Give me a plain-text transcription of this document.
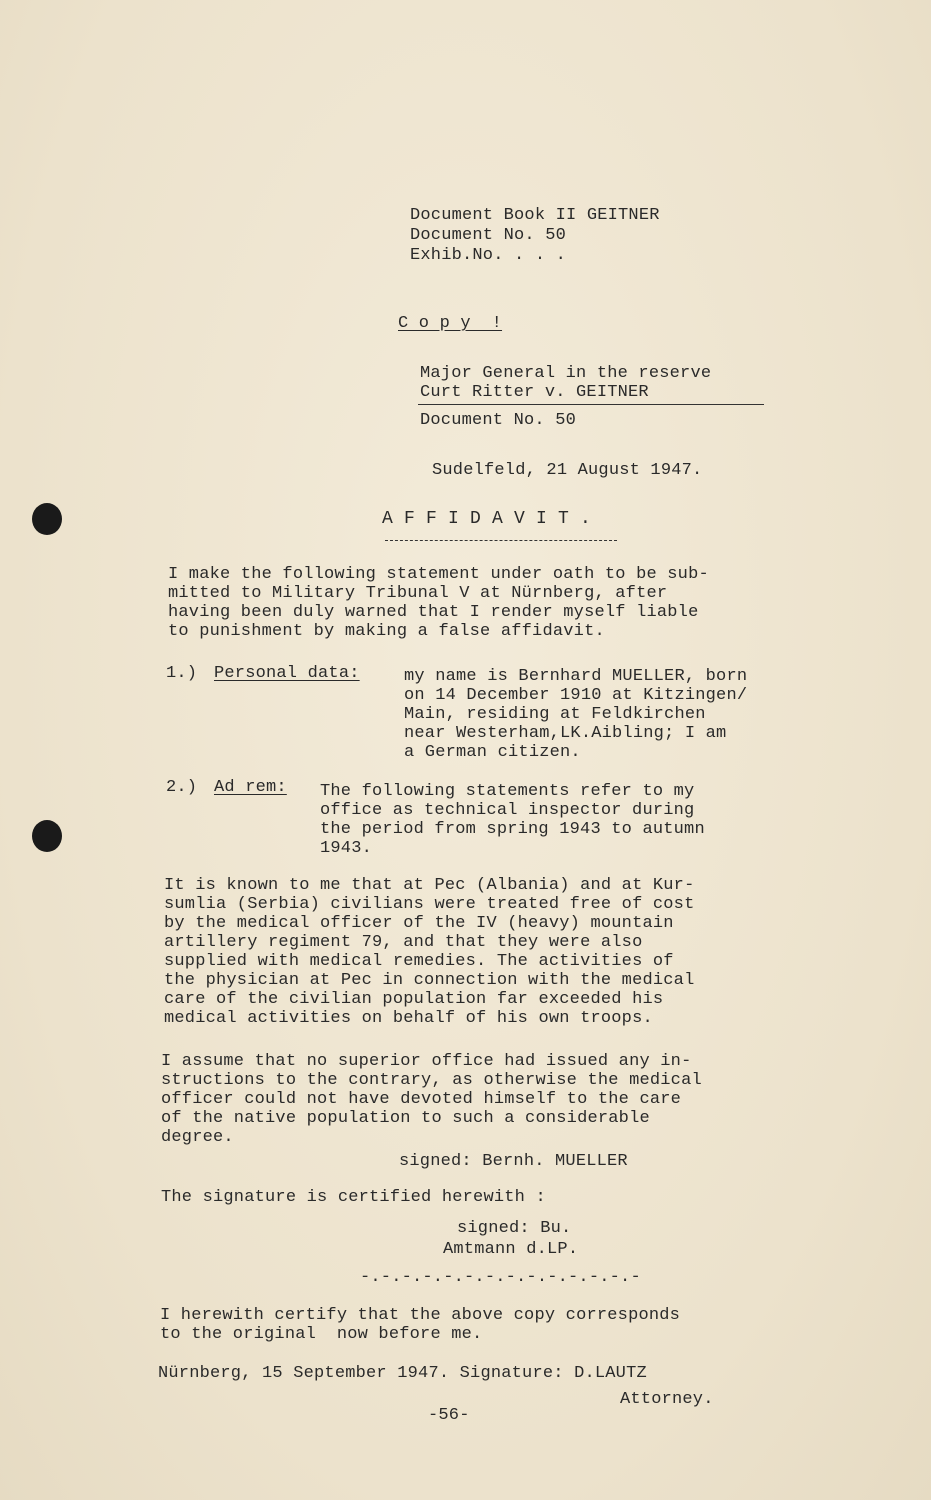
Document Book II GEITNER
Document No. 50
Exhib.No. . . .
C o p y  !
Major General in the reserve
Curt Ritter v. GEITNER
Document No. 50
Sudelfeld, 21 August 1947.
A F F I D A V I T .
I make the following statement under oath to be sub-
mitted to Military Tribunal V at Nürnberg, after
having been duly warned that I render myself liable
to punishment by making a false affidavit.
1.) Personal data:	my name is Bernhard MUELLER, born
on 14 December 1910 at Kitzingen/
Main, residing at Feldkirchen
near Westerham,LK.Aibling; I am
a German citizen.
2.) Ad rem: The following statements refer to my
office as technical inspector during
the period from spring 1943 to autumn
1943.
It is known to me that at Pec (Albania) and at Kur-
sumlia (Serbia) civilians were treated free of cost
by the medical officer of the IV (heavy) mountain
artillery regiment 79, and that they were also
supplied with medical remedies. The activities of
the physician at Pec in connection with the medical
care of the civilian population far exceeded his
medical activities on behalf of his own troops.
I assume that no superior office had issued any in-
structions to the contrary, as otherwise the medical
officer could not have devoted himself to the care
of the native population to such a considerable
degree.
signed: Bernh. MUELLER
The signature is certified herewith :
signed: Bu.
Amtmann d.LP.
-.-.-.-.-.-.-.-.-.-.-.-.-.-
I herewith certify that the above copy corresponds
to the original  now before me.
Nürnberg, 15 September 1947. Signature: D.LAUTZ
Attorney.
-56-
